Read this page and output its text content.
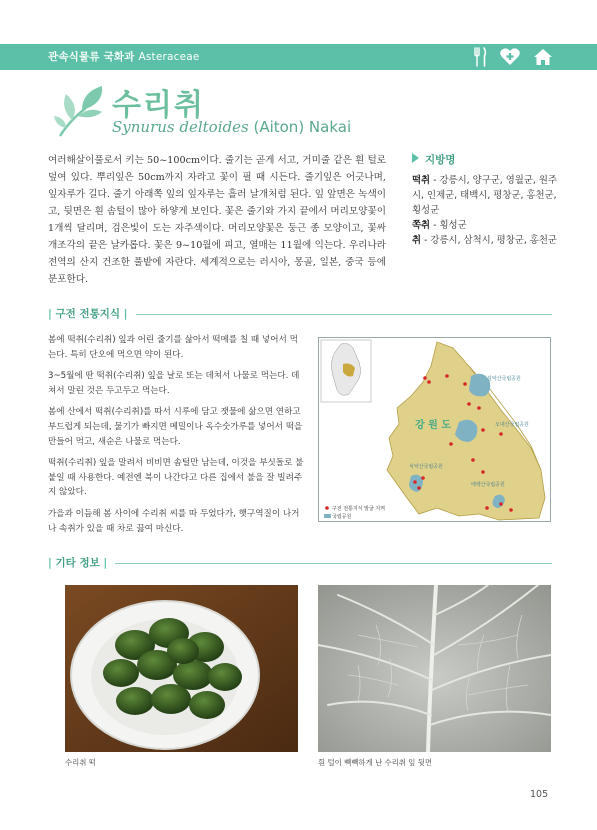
관속식물류 국화과 Asteraceae
수리취
Synurus deltoides (Aiton) Nakai
여러해살이풀로서 키는 50~100cm이다. 줄기는 곧게 서고, 거미줄 같은 흰 털로 덮여 있다. 뿌리잎은 50cm까지 자라고 꽃이 필 때 시든다. 줄기잎은 어긋나며, 잎자루가 길다. 줄기 아래쪽 잎의 잎자루는 흘러 날개처럼 된다. 잎 앞면은 녹색이고, 뒷면은 흰 솜털이 많아 하얗게 보인다. 꽃은 줄기와 가지 끝에서 머리모양꽃이 1개씩 달리며, 검은빛이 도는 자주색이다. 머리모양꽃은 둥근 종 모양이고, 꽃싸개조각의 끝은 날카롭다. 꽃은 9~10월에 피고, 열매는 11월에 익는다. 우리나라 전역의 산지 건조한 풀밭에 자란다. 세계적으로는 러시아, 몽골, 일본, 중국 등에 분포한다.
지방명
떡취 - 강릉시, 양구군, 영월군, 원주시, 인제군, 태백시, 평창군, 홍천군, 횡성군
쪽취 - 횡성군
취 - 강릉시, 삼척시, 평창군, 홍천군
| 구전 전통지식 |

봄에 떡취(수리취) 잎과 어린 줄기를 삶아서 떡메를 칠 때 넣어서 먹는다. 특히 단오에 먹으면 약이 된다.

3~5월에 딴 떡취(수리취) 잎을 날로 또는 데쳐서 나물로 먹는다. 데쳐서 말린 것은 두고두고 먹는다.

봄에 산에서 떡취(수리취)를 따서 시루에 담고 잿물에 삶으면 연하고 부드럽게 되는데, 물기가 빠지면 메밀이나 옥수숫가루를 넣어서 떡을 만들어 먹고, 새순은 나물로 먹는다.

떡취(수리취) 잎을 말려서 비비면 솜털만 남는데, 이것을 부싯돌로 불 붙일 때 사용한다. 예전엔 북이 나간다고 다른 집에서 불을 잘 빌려주지 않았다.

가을과 이듬해 봄 사이에 수리취 씨를 따 두었다가, 햇구역질이 나거나 속취가 있을 때 차로 끓여 마신다.

설악산국립공원
오대산국립공원
치악산국립공원
태백산국립공원
강 원 도
구전 전통지식 발굴 지역
국립공원
| 기타 정보 |
수리취 떡	흰 털이 빽빽하게 난 수리취 잎 뒷면
105
